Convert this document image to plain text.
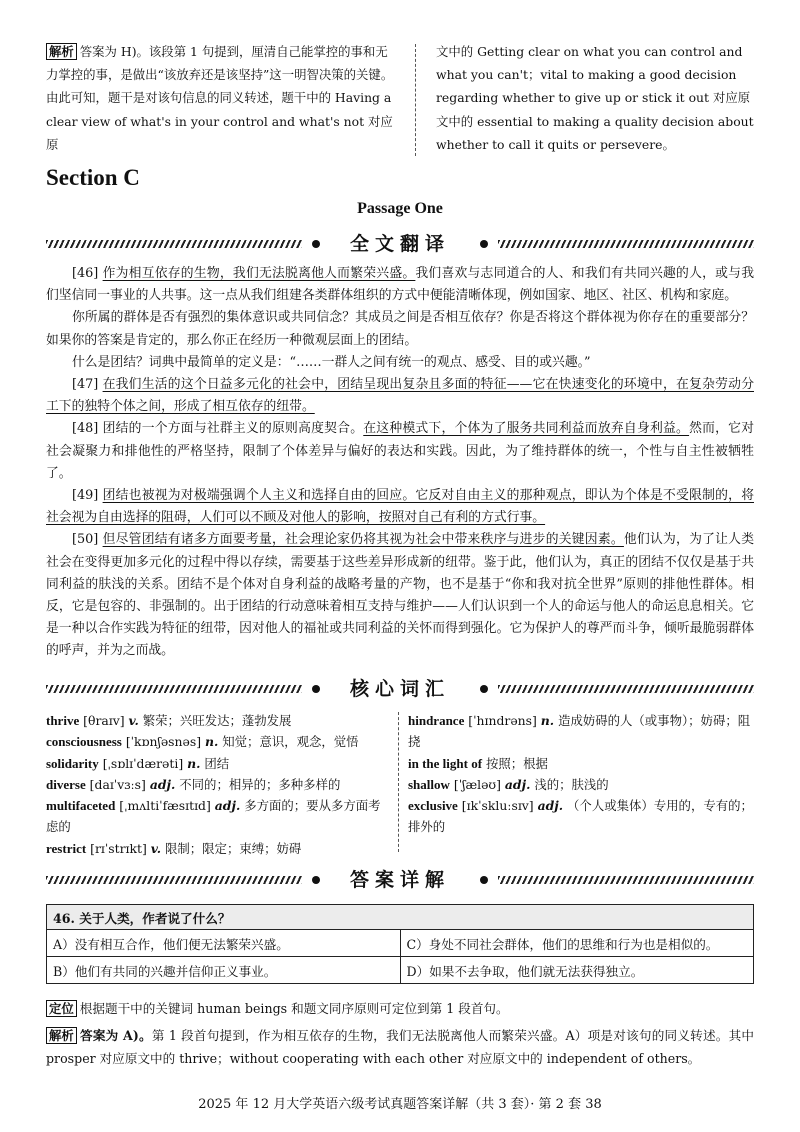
解析 答案为 H)。该段第 1 句提到，厘清自己能掌控的事和无力掌控的事，是做出“该放弃还是该坚持”这一明智决策的关键。由此可知，题干是对该句信息的同义转述，题干中的 Having a clear view of what's in your control and what's not 对应原
文中的 Getting clear on what you can control and what you can't；vital to making a good decision regarding whether to give up or stick it out 对应原文中的 essential to making a quality decision about whether to call it quits or persevere。
Section C
Passage One
全文翻译

[46] 作为相互依存的生物，我们无法脱离他人而繁荣兴盛。我们喜欢与志同道合的人、和我们有共同兴趣的人，或与我们坚信同一事业的人共事。这一点从我们组建各类群体组织的方式中便能清晰体现，例如国家、地区、社区、机构和家庭。

你所属的群体是否有强烈的集体意识或共同信念？其成员之间是否相互依存？你是否将这个群体视为你存在的重要部分？如果你的答案是肯定的，那么你正在经历一种微观层面上的团结。

什么是团结？词典中最简单的定义是：“……一群人之间有统一的观点、感受、目的或兴趣。”

[47] 在我们生活的这个日益多元化的社会中，团结呈现出复杂且多面的特征——它在快速变化的环境中，在复杂劳动分工下的独特个体之间，形成了相互依存的纽带。

[48] 团结的一个方面与社群主义的原则高度契合。在这种模式下，个体为了服务共同利益而放弃自身利益。然而，它对社会凝聚力和排他性的严格坚持，限制了个体差异与偏好的表达和实践。因此，为了维持群体的统一，个性与自主性被牺牲了。

[49] 团结也被视为对极端强调个人主义和选择自由的回应。它反对自由主义的那种观点，即认为个体是不受限制的，将社会视为自由选择的阻碍，人们可以不顾及对他人的影响，按照对自己有利的方式行事。

[50] 但尽管团结有诸多方面要考量，社会理论家仍将其视为社会中带来秩序与进步的关键因素。他们认为，为了让人类社会在变得更加多元化的过程中得以存续，需要基于这些差异形成新的纽带。鉴于此，他们认为，真正的团结不仅仅是基于共同利益的肤浅的关系。团结不是个体对自身利益的战略考量的产物，也不是基于“你和我对抗全世界”原则的排他性群体。相反，它是包容的、非强制的。出于团结的行动意味着相互支持与维护——人们认识到一个人的命运与他人的命运息息相关。它是一种以合作实践为特征的纽带，因对他人的福祉或共同利益的关怀而得到强化。它为保护人的尊严而斗争，倾听最脆弱群体的呼声，并为之而战。

核心词汇
thrive [θraɪv] v. 繁荣；兴旺发达；蓬勃发展
consciousness [ˈkɒnʃəsnəs] n. 知觉；意识，观念，觉悟
solidarity [ˌsɒlɪˈdærəti] n. 团结
diverse [daɪˈvɜːs] adj. 不同的；相异的；多种多样的
multifaceted [ˌmʌltiˈfæsɪtɪd] adj. 多方面的；要从多方面考虑的
restrict [rɪˈstrɪkt] v. 限制；限定；束缚；妨碍
hindrance [ˈhɪndrəns] n. 造成妨碍的人（或事物）；妨碍；阻挠
in the light of 按照；根据
shallow [ˈʃæləʊ] adj. 浅的；肤浅的
exclusive [ɪkˈskluːsɪv] adj. （个人或集体）专用的，专有的；排外的
答案详解
46. 关于人类，作者说了什么？	
A）没有相互合作，他们便无法繁荣兴盛。	C）身处不同社会群体，他们的思维和行为也是相似的。
B）他们有共同的兴趣并信仰正义事业。	D）如果不去争取，他们就无法获得独立。
定位 根据题干中的关键词 human beings 和题文同序原则可定位到第 1 段首句。
解析 答案为 A)。第 1 段首句提到，作为相互依存的生物，我们无法脱离他人而繁荣兴盛。A）项是对该句的同义转述。其中 prosper 对应原文中的 thrive；without cooperating with each other 对应原文中的 independent of others。
2025 年 12 月大学英语六级考试真题答案详解（共 3 套）· 第 2 套 38
